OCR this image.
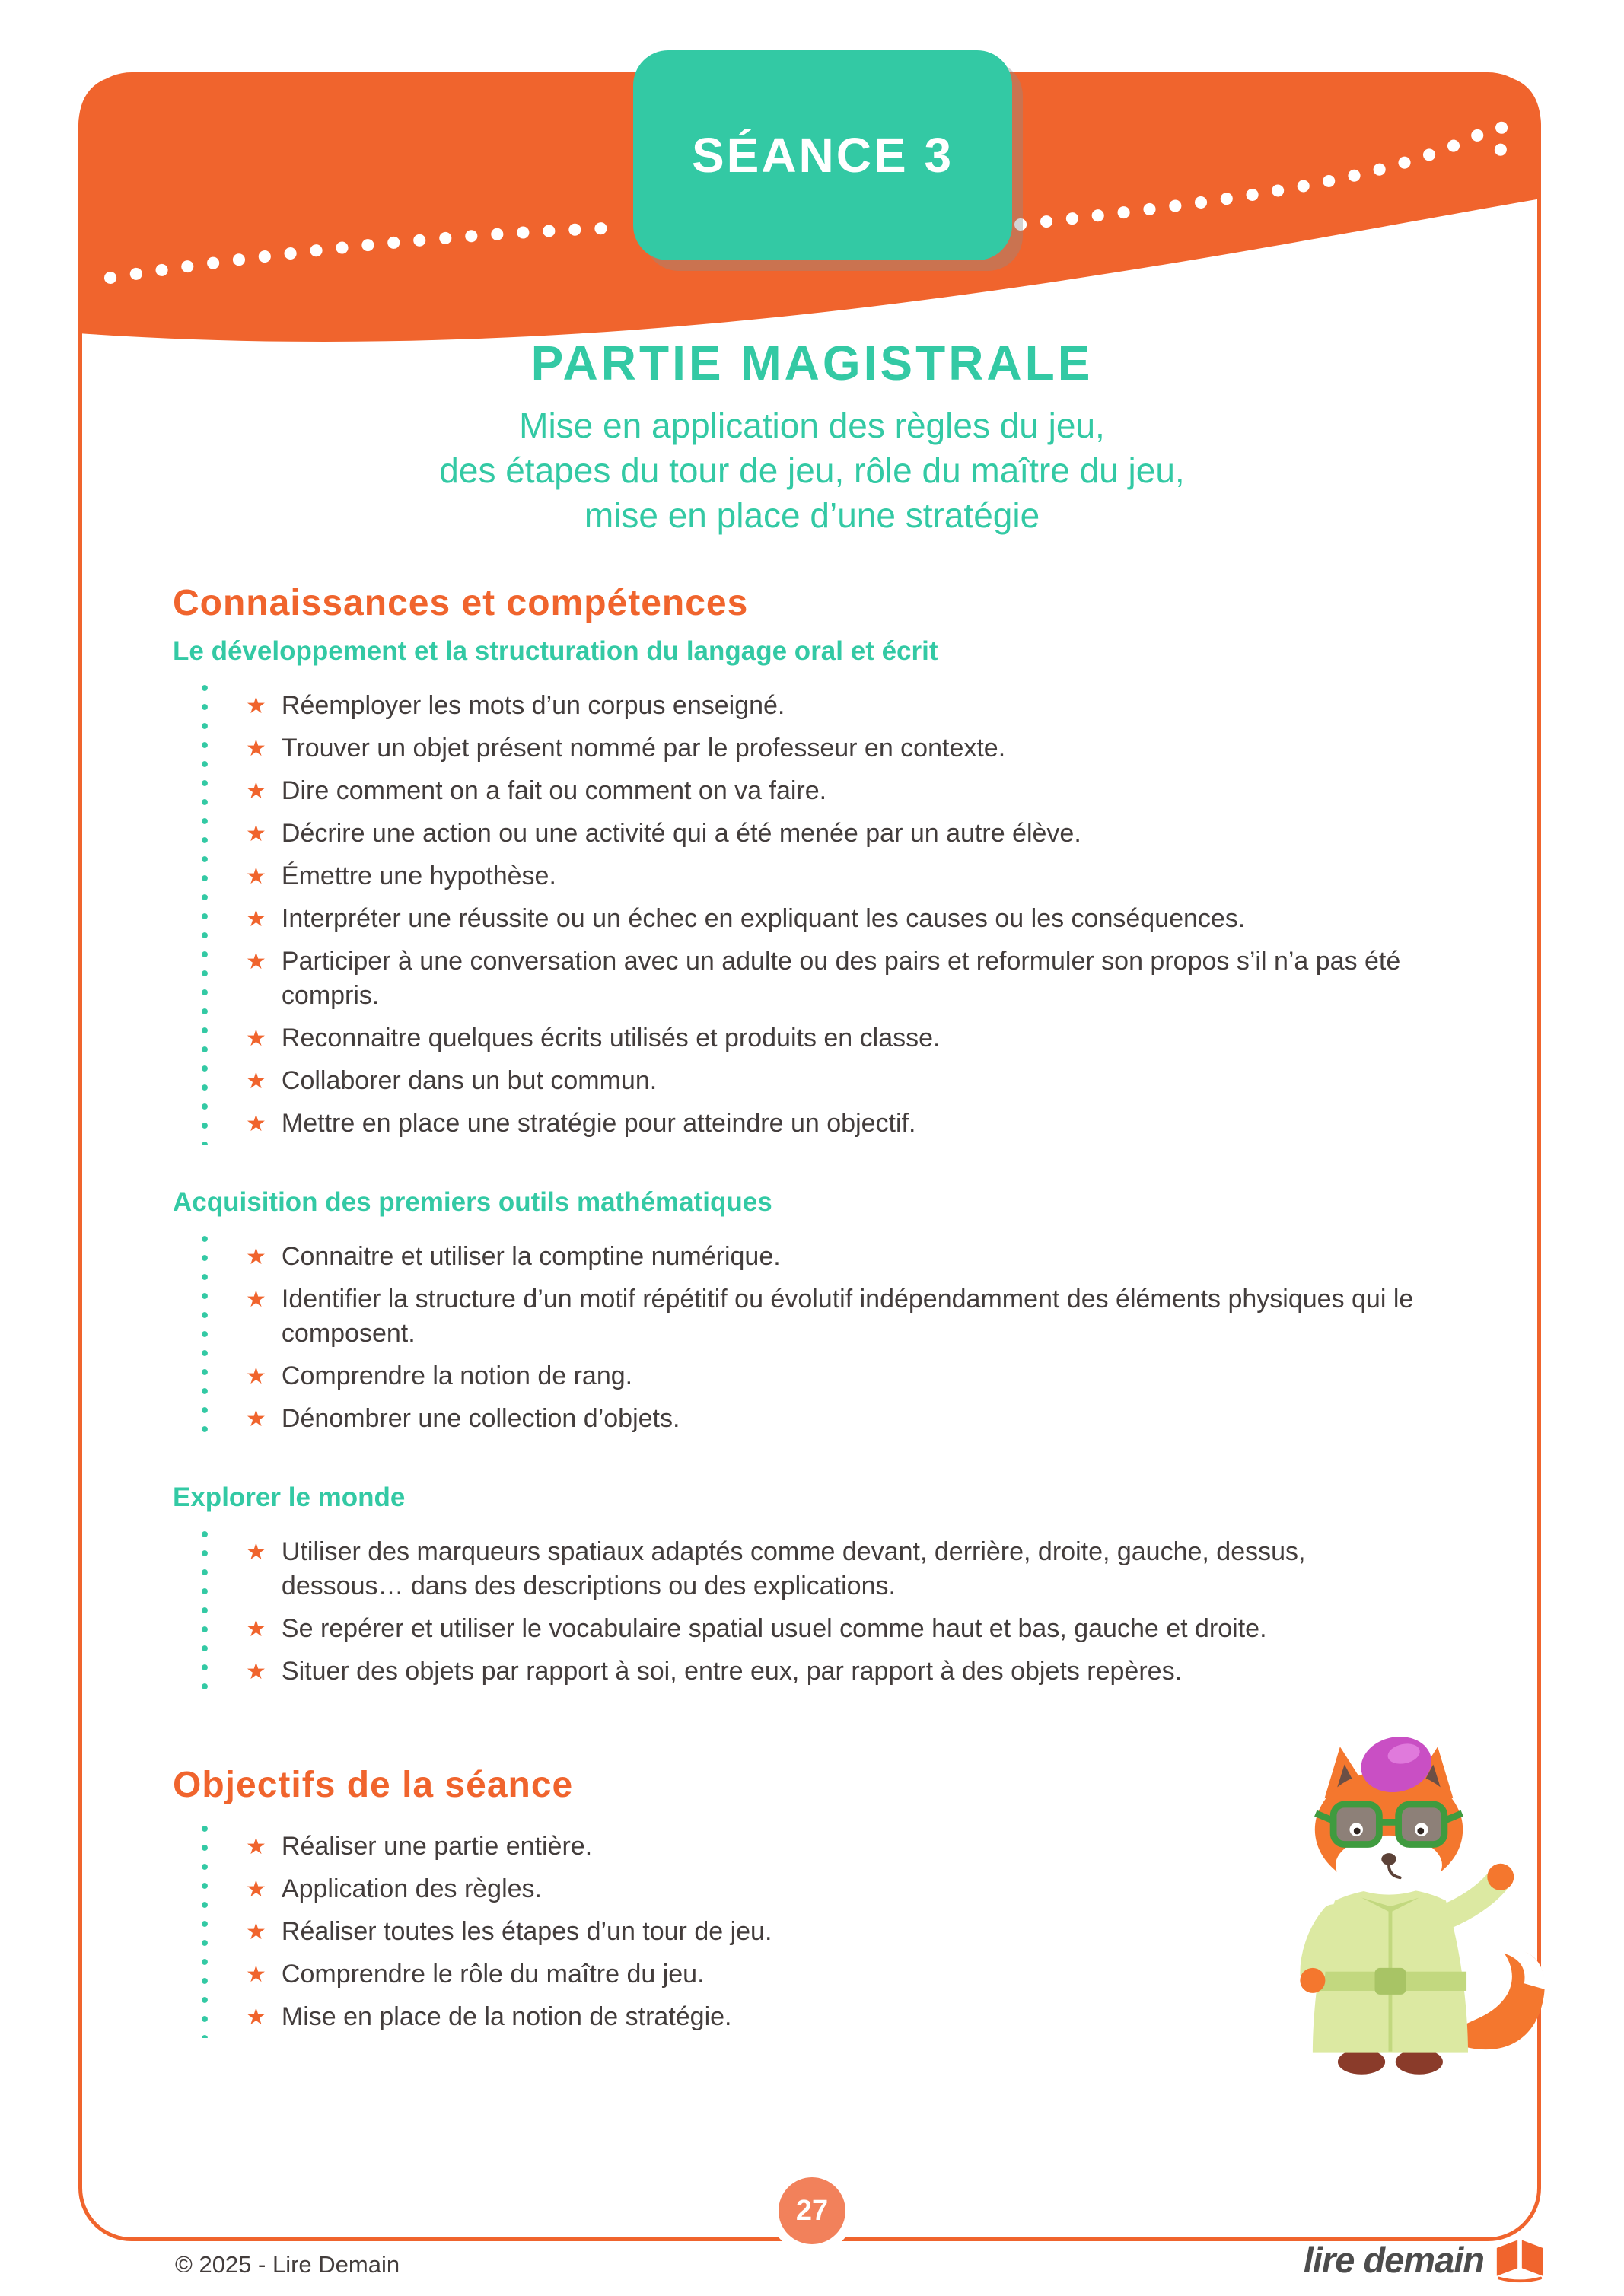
SÉANCE 3
PARTIE MAGISTRALE
Mise en application des règles du jeu,
des étapes du tour de jeu, rôle du maître du jeu,
mise en place d’une stratégie
Connaissances et compétences
Le développement et la structuration du langage oral et écrit
★ Réemployer les mots d’un corpus enseigné.
★ Trouver un objet présent nommé par le professeur en contexte.
★ Dire comment on a fait ou comment on va faire.
★ Décrire une action ou une activité qui a été menée par un autre élève.
★ Émettre une hypothèse.
★ Interpréter une réussite ou un échec en expliquant les causes ou les conséquences.
★ Participer à une conversation avec un adulte ou des pairs et reformuler son propos s’il n’a pas été compris.
★ Reconnaitre quelques écrits utilisés et produits en classe.
★ Collaborer dans un but commun.
★ Mettre en place une stratégie pour atteindre un objectif.
Acquisition des premiers outils mathématiques
★ Connaitre et utiliser la comptine numérique.
★ Identifier la structure d’un motif répétitif ou évolutif indépendamment des éléments physiques qui le composent.
★ Comprendre la notion de rang.
★ Dénombrer une collection d’objets.
Explorer le monde
★ Utiliser des marqueurs spatiaux adaptés comme devant, derrière, droite, gauche, dessus, dessous… dans des descriptions ou des explications.
★ Se repérer et utiliser le vocabulaire spatial usuel comme haut et bas, gauche et droite.
★ Situer des objets par rapport à soi, entre eux, par rapport à des objets repères.
Objectifs de la séance
★ Réaliser une partie entière.
★ Application des règles.
★ Réaliser toutes les étapes d’un tour de jeu.
★ Comprendre le rôle du maître du jeu.
★ Mise en place de la notion de stratégie.
27
© 2025 - Lire Demain	lire demain
